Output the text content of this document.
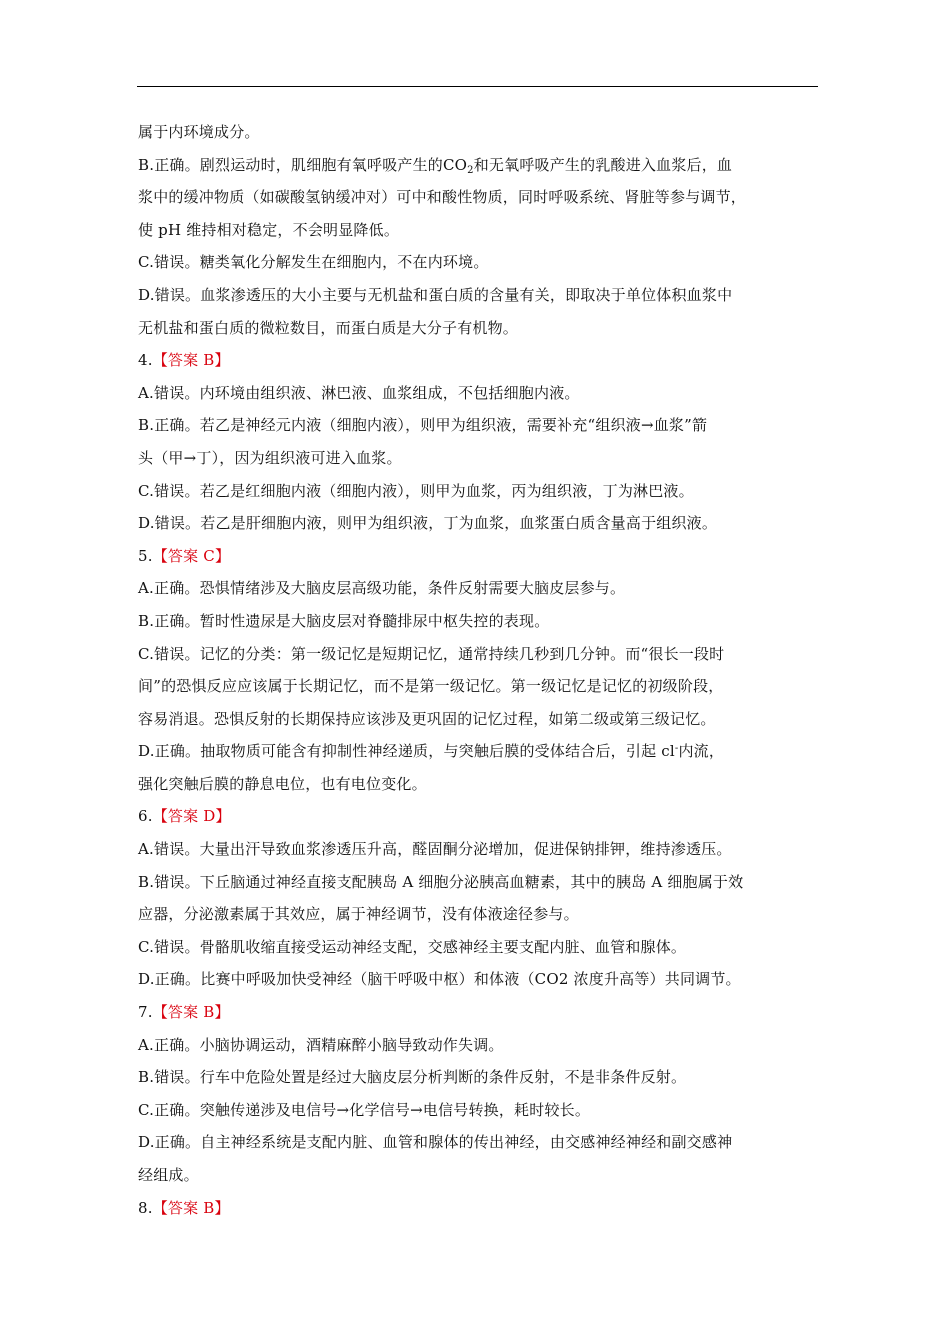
属于内环境成分。
B.正确。剧烈运动时，肌细胞有氧呼吸产生的$CO_2$和无氧呼吸产生的乳酸进入血浆后，血
浆中的缓冲物质（如碳酸氢钠缓冲对）可中和酸性物质，同时呼吸系统、肾脏等参与调节，
使 pH 维持相对稳定，不会明显降低。
C.错误。糖类氧化分解发生在细胞内，不在内环境。
D.错误。血浆渗透压的大小主要与无机盐和蛋白质的含量有关，即取决于单位体积血浆中
无机盐和蛋白质的微粒数目，而蛋白质是大分子有机物。
4.【答案 B】
A.错误。内环境由组织液、淋巴液、血浆组成，不包括细胞内液。
B.正确。若乙是神经元内液（细胞内液），则甲为组织液，需要补充“组织液→血浆”箭
头（甲→丁），因为组织液可进入血浆。
C.错误。若乙是红细胞内液（细胞内液），则甲为血浆，丙为组织液，丁为淋巴液。
D.错误。若乙是肝细胞内液，则甲为组织液，丁为血浆，血浆蛋白质含量高于组织液。
5.【答案 C】
A.正确。恐惧情绪涉及大脑皮层高级功能，条件反射需要大脑皮层参与。
B.正确。暂时性遗尿是大脑皮层对脊髓排尿中枢失控的表现。
C.错误。记忆的分类：第一级记忆是短期记忆，通常持续几秒到几分钟。而“很长一段时
间”的恐惧反应应该属于长期记忆，而不是第一级记忆。第一级记忆是记忆的初级阶段，
容易消退。恐惧反射的长期保持应该涉及更巩固的记忆过程，如第二级或第三级记忆。
D.正确。抽取物质可能含有抑制性神经递质，与突触后膜的受体结合后，引起 cl-内流，
强化突触后膜的静息电位，也有电位变化。
6.【答案 D】
A.错误。大量出汗导致血浆渗透压升高，醛固酮分泌增加，促进保钠排钾，维持渗透压。
B.错误。下丘脑通过神经直接支配胰岛 A 细胞分泌胰高血糖素，其中的胰岛 A 细胞属于效
应器，分泌激素属于其效应，属于神经调节，没有体液途径参与。
C.错误。骨骼肌收缩直接受运动神经支配，交感神经主要支配内脏、血管和腺体。
D.正确。比赛中呼吸加快受神经（脑干呼吸中枢）和体液（CO2 浓度升高等）共同调节。
7.【答案 B】
A.正确。小脑协调运动，酒精麻醉小脑导致动作失调。
B.错误。行车中危险处置是经过大脑皮层分析判断的条件反射，不是非条件反射。
C.正确。突触传递涉及电信号→化学信号→电信号转换，耗时较长。
D.正确。自主神经系统是支配内脏、血管和腺体的传出神经，由交感神经神经和副交感神
经组成。
8.【答案 B】
